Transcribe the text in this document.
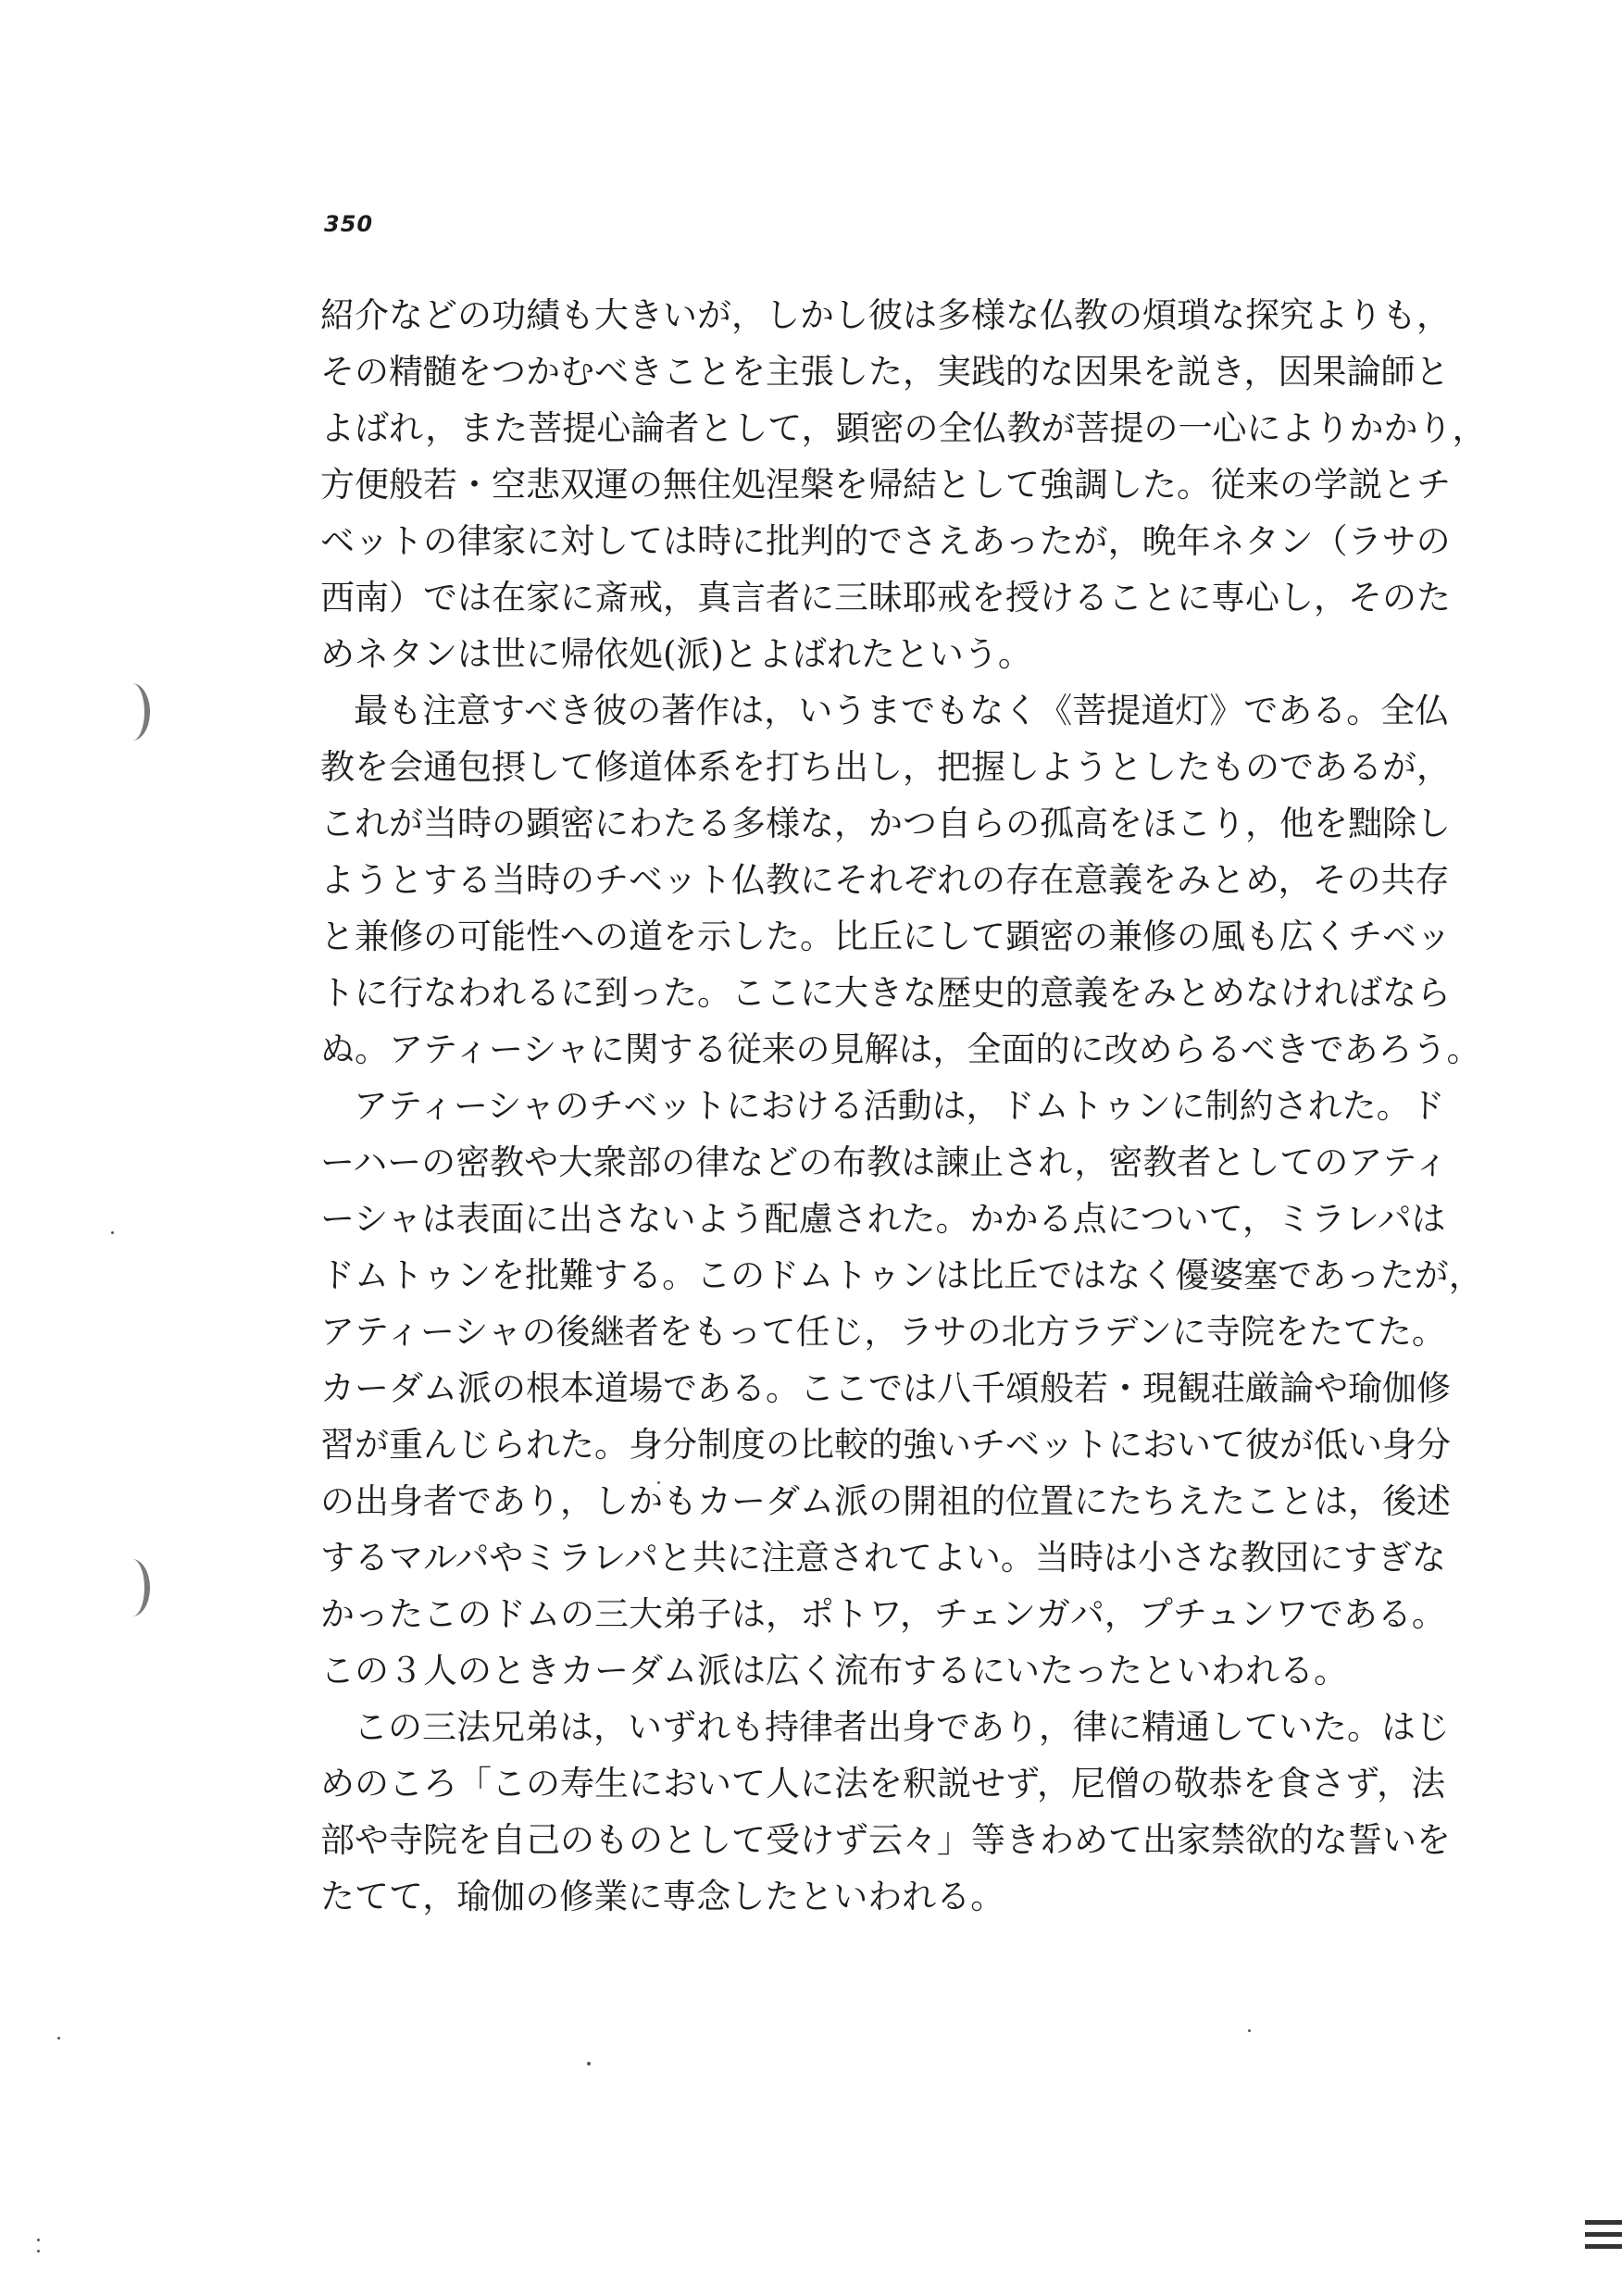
350
紹介などの功績も大きいが，しかし彼は多様な仏教の煩瑣な探究よりも，
その精髄をつかむべきことを主張した，実践的な因果を説き，因果論師と
よばれ，また菩提心論者として，顕密の全仏教が菩提の一心によりかかり，
方便般若・空悲双運の無住処涅槃を帰結として強調した。従来の学説とチ
ベットの律家に対しては時に批判的でさえあったが，晩年ネタン（ラサの
西南）では在家に斎戒，真言者に三昧耶戒を授けることに専心し，そのた
めネタンは世に帰依処(派)とよばれたという。
最も注意すべき彼の著作は，いうまでもなく《菩提道灯》である。全仏
教を会通包摂して修道体系を打ち出し，把握しようとしたものであるが，
これが当時の顕密にわたる多様な，かつ自らの孤高をほこり，他を黜除し
ようとする当時のチベット仏教にそれぞれの存在意義をみとめ，その共存
と兼修の可能性への道を示した。比丘にして顕密の兼修の風も広くチベッ
トに行なわれるに到った。ここに大きな歴史的意義をみとめなければなら
ぬ。アティーシャに関する従来の見解は，全面的に改めらるべきであろう。
アティーシャのチベットにおける活動は，ドムトゥンに制約された。ド
ーハーの密教や大衆部の律などの布教は諫止され，密教者としてのアティ
ーシャは表面に出さないよう配慮された。かかる点について，ミラレパは
ドムトゥンを批難する。このドムトゥンは比丘ではなく優婆塞であったが，
アティーシャの後継者をもって任じ，ラサの北方ラデンに寺院をたてた。
カーダム派の根本道場である。ここでは八千頌般若・現観荘厳論や瑜伽修
習が重んじられた。身分制度の比較的強いチベットにおいて彼が低い身分
の出身者であり，しかもカーダム派の開祖的位置にたちえたことは，後述
するマルパやミラレパと共に注意されてよい。当時は小さな教団にすぎな
かったこのドムの三大弟子は，ポトワ，チェンガパ，プチュンワである。
この３人のときカーダム派は広く流布するにいたったといわれる。
この三法兄弟は，いずれも持律者出身であり，律に精通していた。はじ
めのころ「この寿生において人に法を釈説せず，尼僧の敬恭を食さず，法
部や寺院を自己のものとして受けず云々」等きわめて出家禁欲的な誓いを
たてて，瑜伽の修業に専念したといわれる。
